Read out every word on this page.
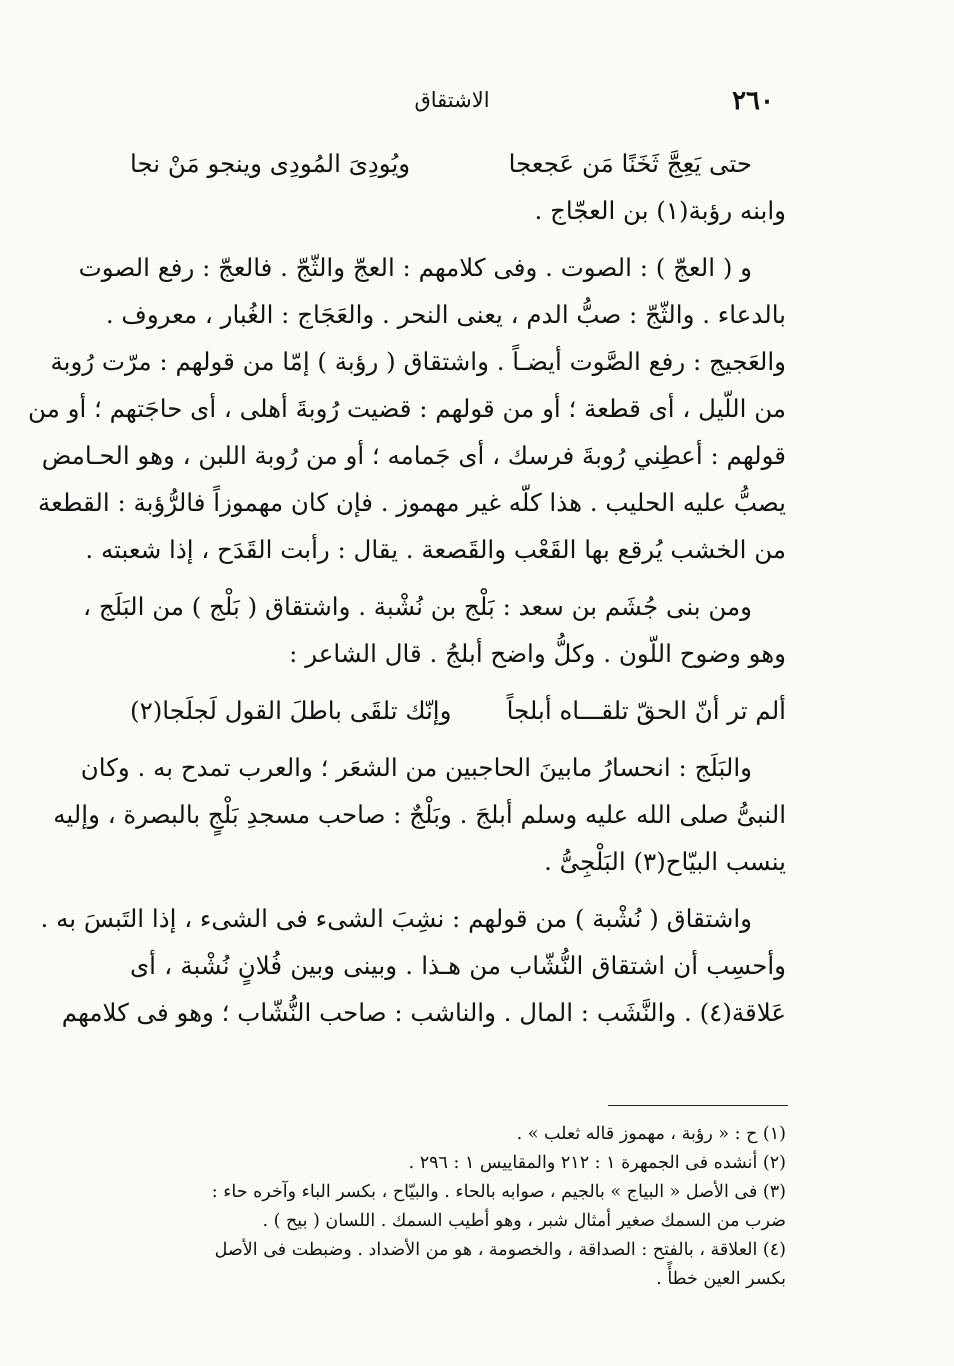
٢٦٠
الاشتقاق
حتى يَعِجَّ ثَخَنًا مَن عَجعجا
ويُودِىَ المُودِى وينجو مَنْ نجا
وابنه رؤبة(١) بن العجّاج .
و ( العجّ ) : الصوت . وفى كلامهم : العجّ والثّجّ . فالعجّ : رفع الصوت
بالدعاء . والثّجّ : صبُّ الدم ، يعنى النحر . والعَجَاج : الغُبار ، معروف .
والعَجيج : رفع الصَّوت أيضـاً . واشتقاق ( رؤبة ) إمّا من قولهم : مرّت رُوبة
من اللّيل ، أى قطعة ؛ أو من قولهم : قضيت رُوبةَ أهلى ، أى حاجَتهم ؛ أو من
قولهم : أعطِني رُوبةَ فرسك ، أى جَمامه ؛ أو من رُوبة اللبن ، وهو الحـامض
يصبُّ عليه الحليب . هذا كلّه غير مهموز . فإن كان مهموزاً فالرُّؤبة : القطعة
من الخشب يُرقع بها القَعْب والقَصعة . يقال : رأبت القَدَح ، إذا شعبته .
ومن بنى جُشَم بن سعد : بَلْج بن نُشْبة . واشتقاق ( بَلْج ) من البَلَج ،
وهو وضوح اللّون . وكلُّ واضح أبلجُ . قال الشاعر :
ألم تر أنّ الحقّ تلقـــاه أبلجاً
وإنّك تلقَى باطلَ القول لَجلَجا(٢)
والبَلَج : انحسارُ مابينَ الحاجبين من الشعَر ؛ والعرب تمدح به . وكان
النبىُّ صلى الله عليه وسلم أبلجَ . وبَلْجٌ : صاحب مسجدِ بَلْجٍ بالبصرة ، وإليه
ينسب البيّاح(٣) البَلْجِىُّ .
واشتقاق ( نُشْبة ) من قولهم : نشِبَ الشىء فى الشىء ، إذا التَبسَ به .
وأحسِب أن اشتقاق النُّشّاب من هـذا . وبينى وبين فُلانٍ نُشْبة ، أى
عَلاقة(٤) . والنَّشَب : المال . والناشب : صاحب النُّشّاب ؛ وهو فى كلامهم
(١) ح : « رؤبة ، مهموز قاله ثعلب » .
(٢) أنشده فى الجمهرة ١ : ٢١٢ والمقاييس ١ : ٢٩٦ .
(٣) فى الأصل « البياج » بالجيم ، صوابه بالحاء . والبيّاح ، بكسر الباء وآخره حاء :
ضرب من السمك صغير أمثال شبر ، وهو أطيب السمك . اللسان ( بيح ) .
(٤) العلاقة ، بالفتح : الصداقة ، والخصومة ، هو من الأضداد . وضبطت فى الأصل
بكسر العين خطأً .
